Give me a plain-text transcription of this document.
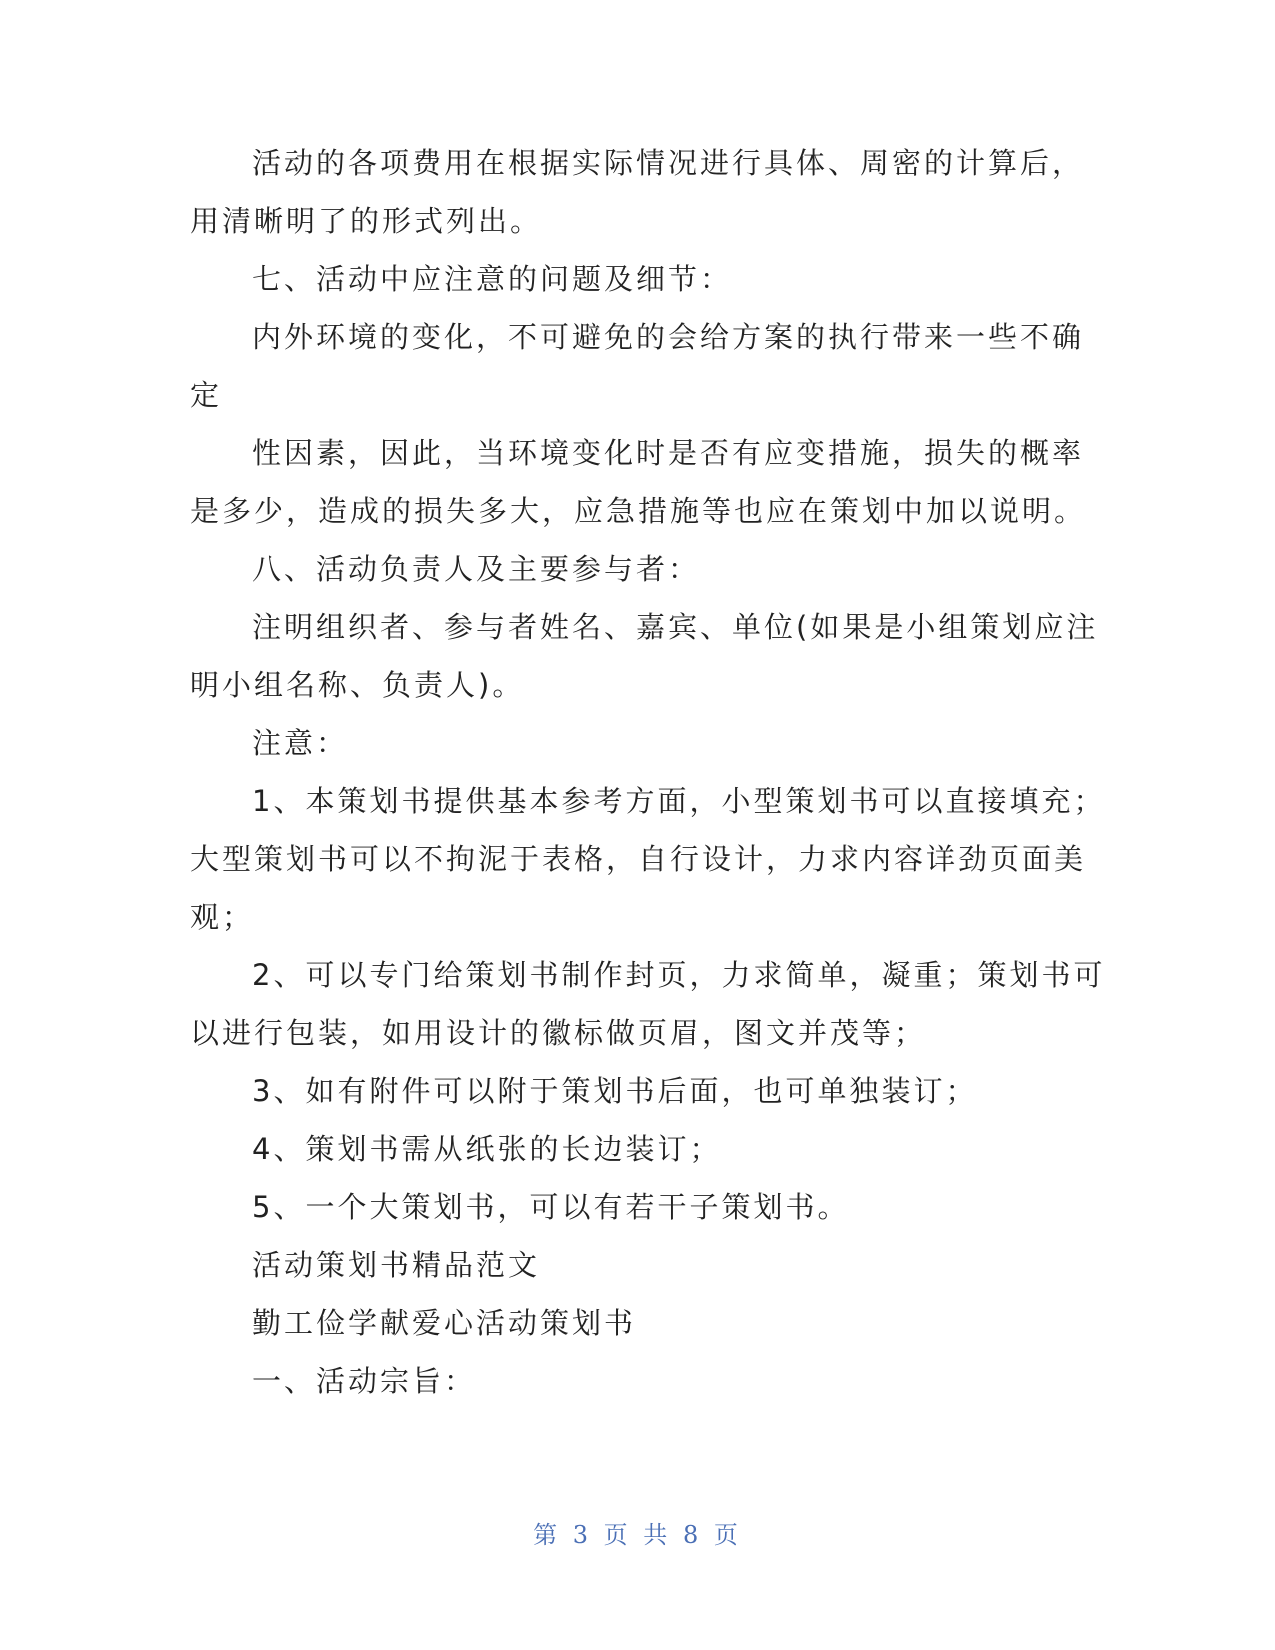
活动的各项费用在根据实际情况进行具体、周密的计算后，
用清晰明了的形式列出。
七、活动中应注意的问题及细节：
内外环境的变化，不可避免的会给方案的执行带来一些不确
定
性因素，因此，当环境变化时是否有应变措施，损失的概率
是多少，造成的损失多大，应急措施等也应在策划中加以说明。
八、活动负责人及主要参与者：
注明组织者、参与者姓名、嘉宾、单位(如果是小组策划应注
明小组名称、负责人)。
注意：
1、本策划书提供基本参考方面，小型策划书可以直接填充；
大型策划书可以不拘泥于表格，自行设计，力求内容详劲页面美
观；
2、可以专门给策划书制作封页，力求简单，凝重；策划书可
以进行包装，如用设计的徽标做页眉，图文并茂等；
3、如有附件可以附于策划书后面，也可单独装订；
4、策划书需从纸张的长边装订；
5、一个大策划书，可以有若干子策划书。
活动策划书精品范文
勤工俭学献爱心活动策划书
一、活动宗旨：
第 3 页 共 8 页
